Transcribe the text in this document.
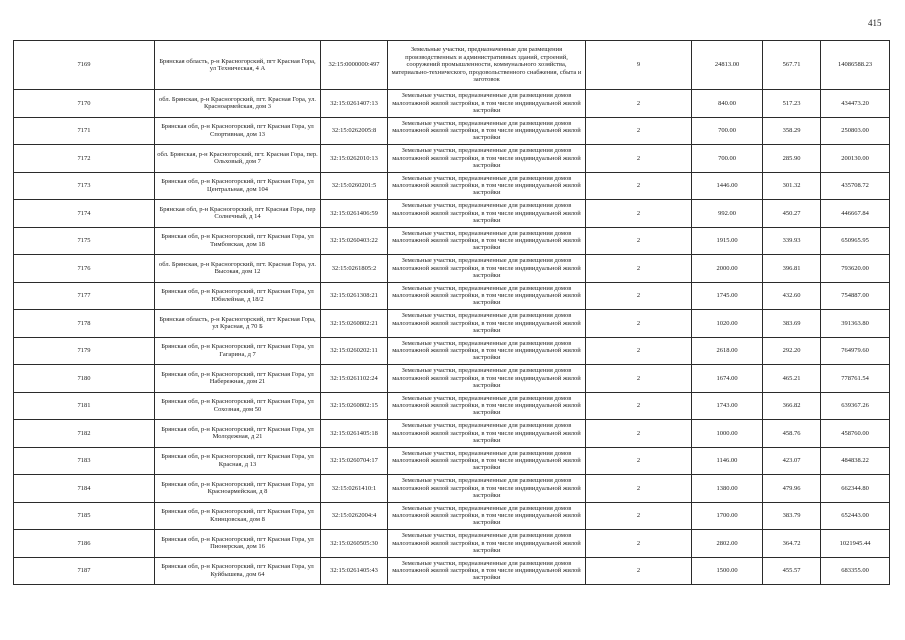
415
7169	Брянская область, р-н Красногорский, пгт Красная Гора, ул Техническая, 4 А	32:15:0000000:497	Земельные участки, предназначенные для размещения производственных и административных зданий, строений, сооружений промышленности, коммунального хозяйства, материально-технического, продовольственного снабжения, сбыта и заготовок	9	24813.00	567.71	14086588.23
7170	обл. Брянская, р-н Красногорский, пгт. Красная Гора, ул. Красноармейская, дом 3	32:15:0261407:13	Земельные участки, предназначенные для размещения домов малоэтажной жилой застройки, в том числе индивидуальной жилой застройки	2	840.00	517.23	434473.20
7171	Брянская обл, р-н Красногорский, пгт Красная Гора, ул Спортивная, дом 13	32:15:0262005:8	Земельные участки, предназначенные для размещения домов малоэтажной жилой застройки, в том числе индивидуальной жилой застройки	2	700.00	358.29	250803.00
7172	обл. Брянская, р-н Красногорский, пгт. Красная Гора, пер. Ольховый, дом 7	32:15:0262010:13	Земельные участки, предназначенные для размещения домов малоэтажной жилой застройки, в том числе индивидуальной жилой застройки	2	700.00	285.90	200130.00
7173	Брянская обл, р-н Красногорский, пгт Красная Гора, ул Центральная, дом 104	32:15:0260201:5	Земельные участки, предназначенные для размещения домов малоэтажной жилой застройки, в том числе индивидуальной жилой застройки	2	1446.00	301.32	435708.72
7174	Брянская обл, р-н Красногорский, пгт Красная Гора, пер Солнечный, д 14	32:15:0261406:59	Земельные участки, предназначенные для размещения домов малоэтажной жилой застройки, в том числе индивидуальной жилой застройки	2	992.00	450.27	446667.84
7175	Брянская обл, р-н Красногорский, пгт Красная Гора, ул Тимбовская, дом 18	32:15:0260403:22	Земельные участки, предназначенные для размещения домов малоэтажной жилой застройки, в том числе индивидуальной жилой застройки	2	1915.00	339.93	650965.95
7176	обл. Брянская, р-н Красногорский, пгт. Красная Гора, ул. Высокая, дом 12	32:15:0261805:2	Земельные участки, предназначенные для размещения домов малоэтажной жилой застройки, в том числе индивидуальной жилой застройки	2	2000.00	396.81	793620.00
7177	Брянская обл, р-н Красногорский, пгт Красная Гора, ул Юбилейная, д 18/2	32:15:0261308:21	Земельные участки, предназначенные для размещения домов малоэтажной жилой застройки, в том числе индивидуальной жилой застройки	2	1745.00	432.60	754887.00
7178	Брянская область, р-н Красногорский, пгт Красная Гора, ул Красная, д 70 Б	32:15:0260802:21	Земельные участки, предназначенные для размещения домов малоэтажной жилой застройки, в том числе индивидуальной жилой застройки	2	1020.00	383.69	391363.80
7179	Брянская обл, р-н Красногорский, пгт Красная Гора, ул Гагарина, д 7	32:15:0260202:11	Земельные участки, предназначенные для размещения домов малоэтажной жилой застройки, в том числе индивидуальной жилой застройки	2	2618.00	292.20	764979.60
7180	Брянская обл, р-н Красногорский, пгт Красная Гора, ул Набережная, дом 21	32:15:0261102:24	Земельные участки, предназначенные для размещения домов малоэтажной жилой застройки, в том числе индивидуальной жилой застройки	2	1674.00	465.21	778761.54
7181	Брянская обл, р-н Красногорский, пгт Красная Гора, ул Сохозная, дом 50	32:15:0260802:15	Земельные участки, предназначенные для размещения домов малоэтажной жилой застройки, в том числе индивидуальной жилой застройки	2	1743.00	366.82	639367.26
7182	Брянская обл, р-н Красногорский, пгт Красная Гора, ул Молодежная, д 21	32:15:0261405:18	Земельные участки, предназначенные для размещения домов малоэтажной жилой застройки, в том числе индивидуальной жилой застройки	2	1000.00	458.76	458760.00
7183	Брянская обл, р-н Красногорский, пгт Красная Гора, ул Красная, д 13	32:15:0260704:17	Земельные участки, предназначенные для размещения домов малоэтажной жилой застройки, в том числе индивидуальной жилой застройки	2	1146.00	423.07	484838.22
7184	Брянская обл, р-н Красногорский, пгт Красная Гора, ул Красноармейская, д 8	32:15:0261410:1	Земельные участки, предназначенные для размещения домов малоэтажной жилой застройки, в том числе индивидуальной жилой застройки	2	1380.00	479.96	662344.80
7185	Брянская обл, р-н Красногорский, пгт Красная Гора, ул Клинцовская, дом 8	32:15:0262004:4	Земельные участки, предназначенные для размещения домов малоэтажной жилой застройки, в том числе индивидуальной жилой застройки	2	1700.00	383.79	652443.00
7186	Брянская обл, р-н Красногорский, пгт Красная Гора, ул Пионерская, дом 16	32:15:0260505:30	Земельные участки, предназначенные для размещения домов малоэтажной жилой застройки, в том числе индивидуальной жилой застройки	2	2802.00	364.72	1021945.44
7187	Брянская обл, р-н Красногорский, пгт Красная Гора, ул Куйбышева, дом 64	32:15:0261405:43	Земельные участки, предназначенные для размещения домов малоэтажной жилой застройки, в том числе индивидуальной жилой застройки	2	1500.00	455.57	683355.00
